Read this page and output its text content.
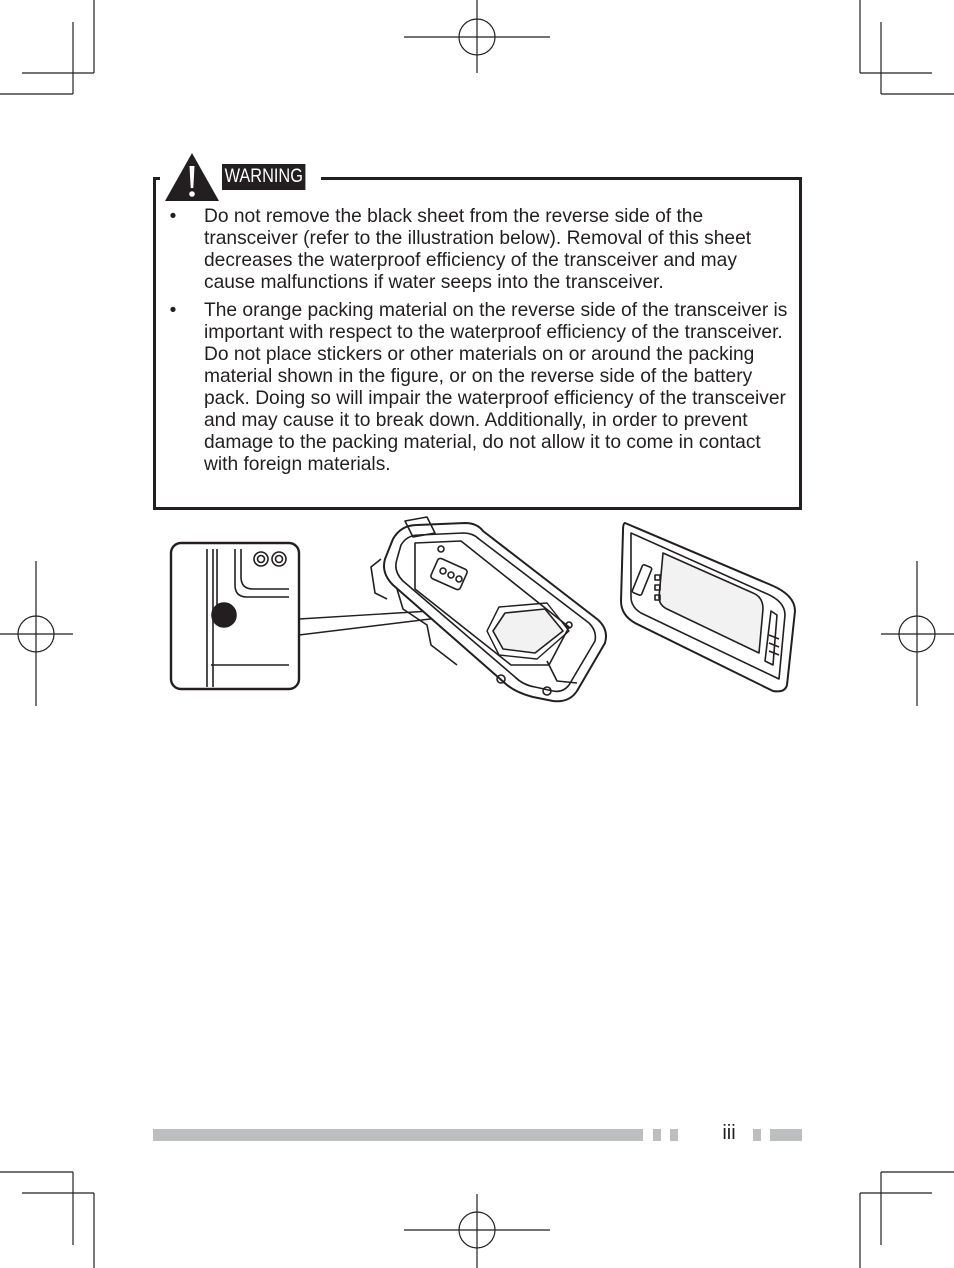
WARNING
• Do not remove the black sheet from the reverse side of the transceiver (refer to the illustration below). Removal of this sheet decreases the waterproof efficiency of the transceiver and may cause malfunctions if water seeps into the transceiver.
• The orange packing material on the reverse side of the transceiver is important with respect to the waterproof efficiency of the transceiver. Do not place stickers or other materials on or around the packing material shown in the figure, or on the reverse side of the battery pack. Doing so will impair the waterproof efficiency of the transceiver and may cause it to break down. Additionally, in order to prevent damage to the packing material, do not allow it to come in contact with foreign materials.
iii
